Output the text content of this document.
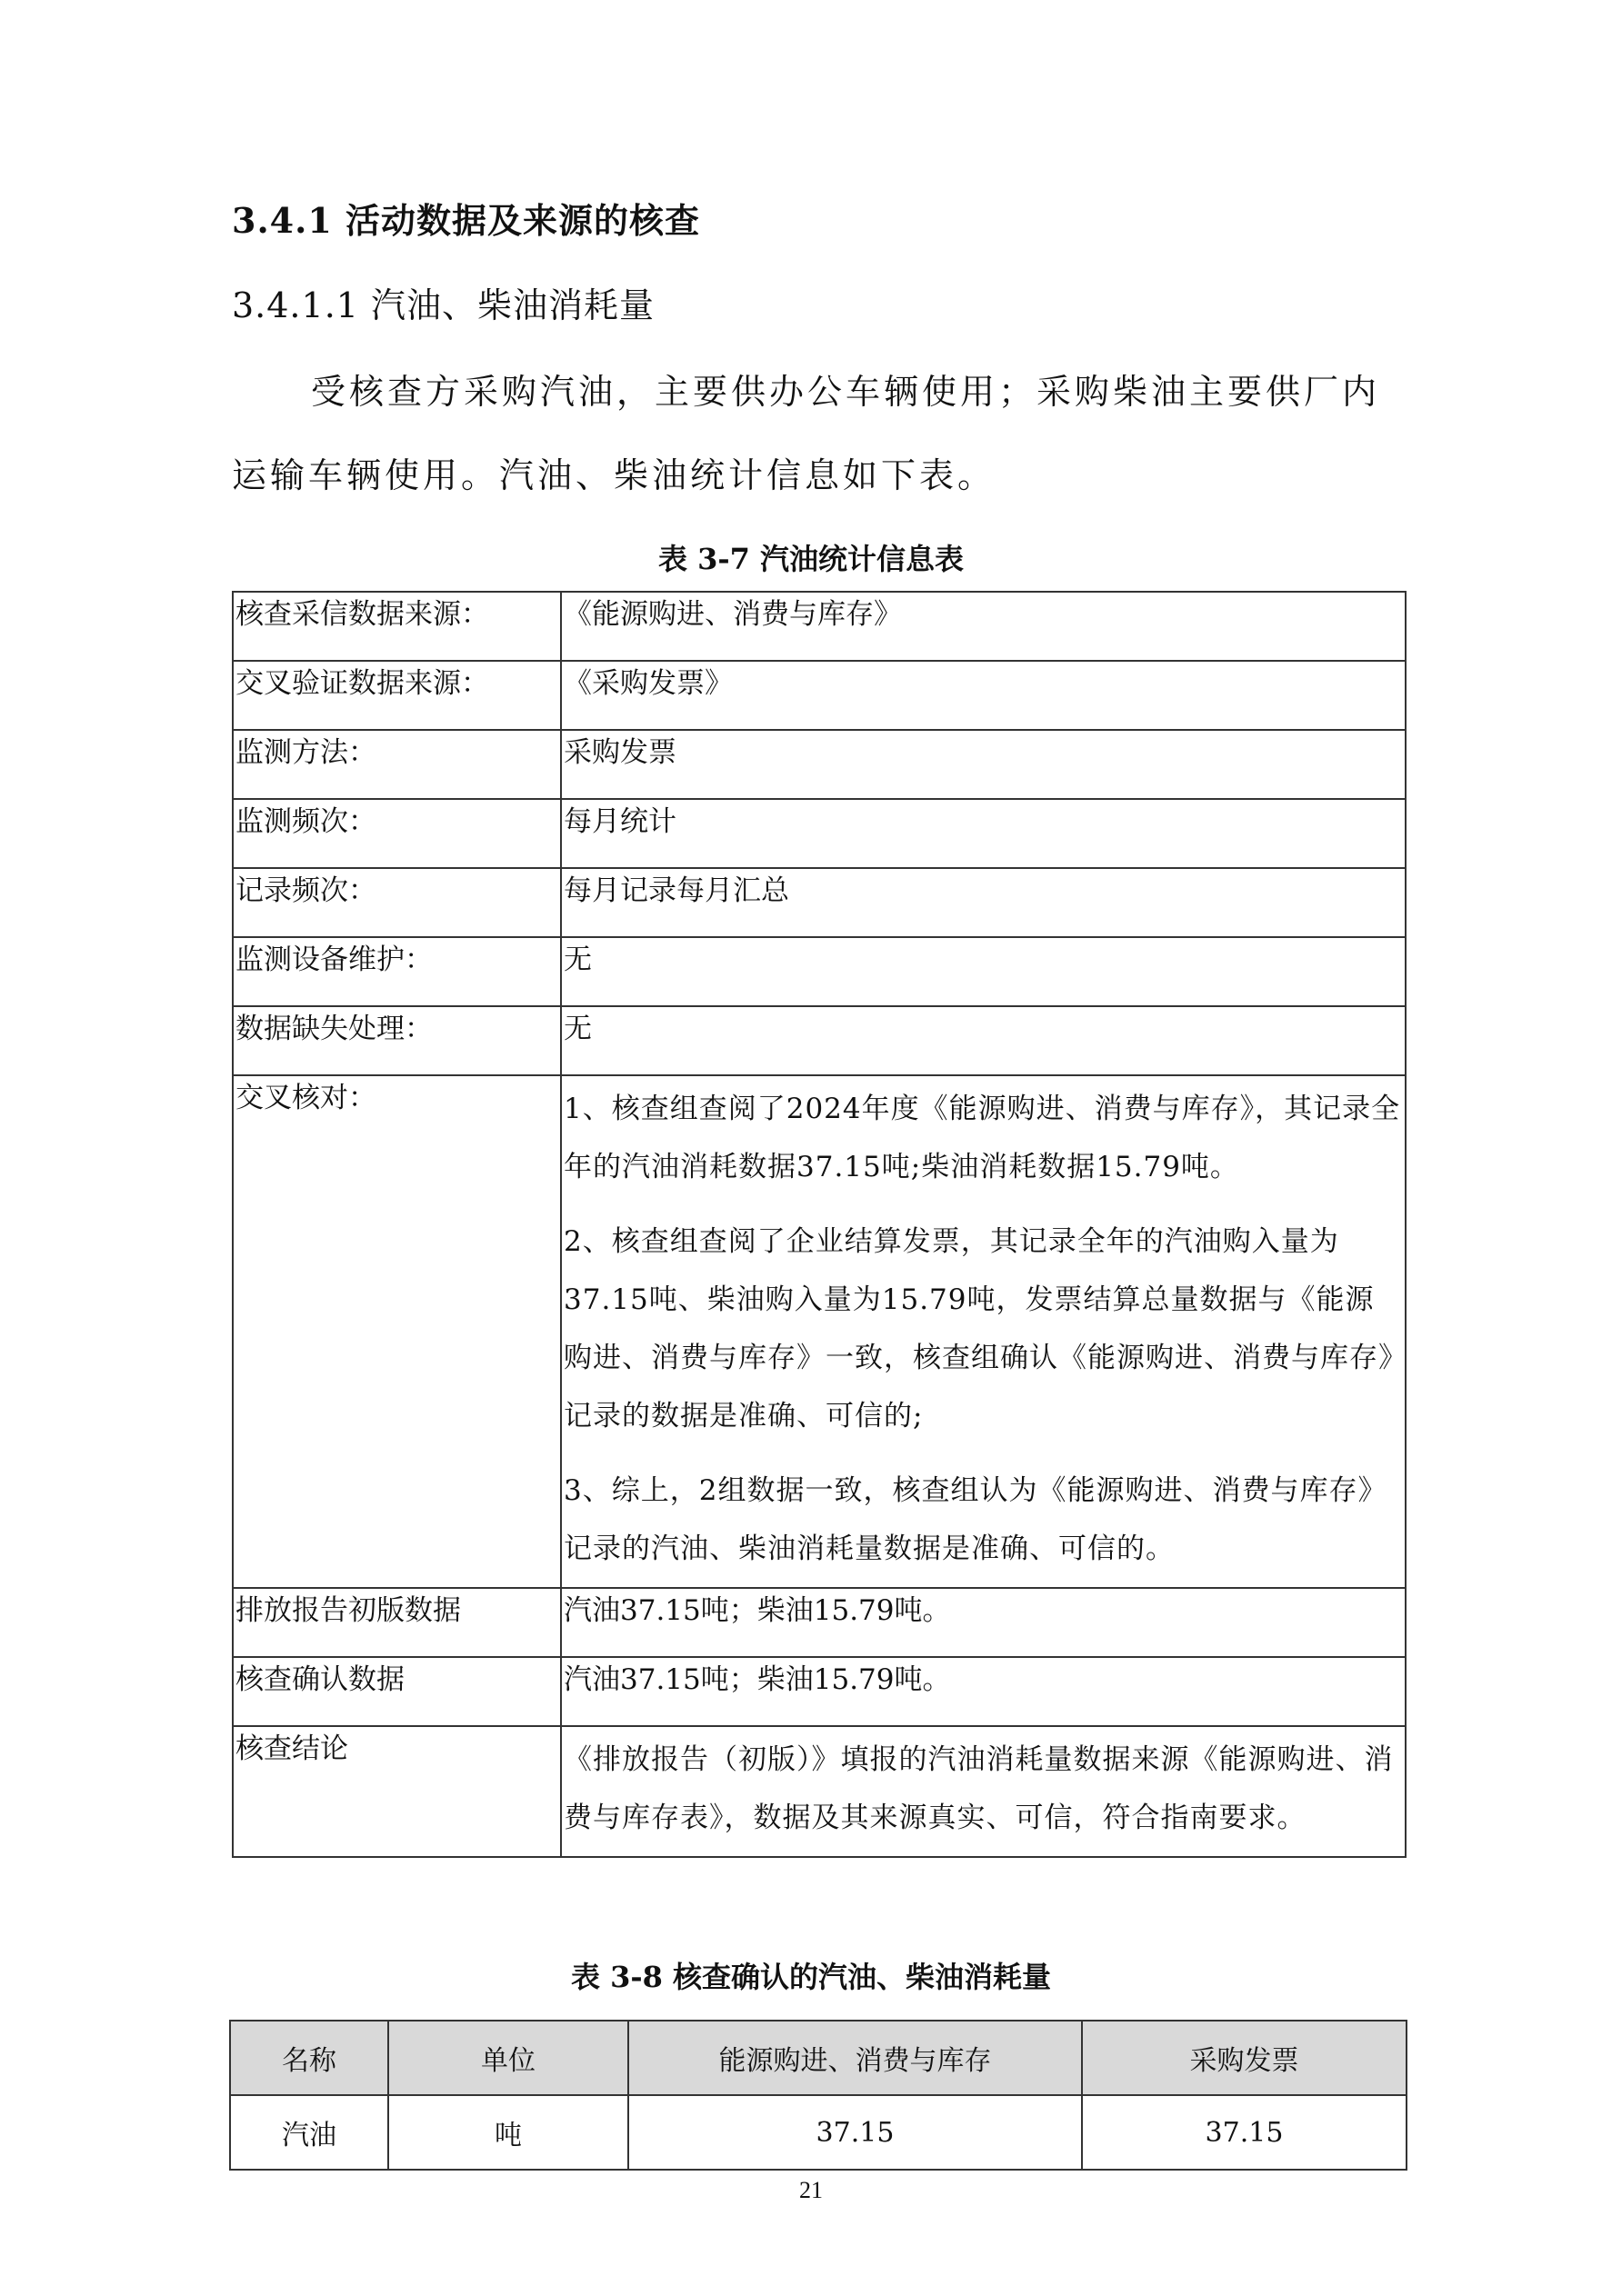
3.4.1 活动数据及来源的核查
3.4.1.1 汽油、柴油消耗量
受核查方采购汽油，主要供办公车辆使用；采购柴油主要供厂内运输车辆使用。汽油、柴油统计信息如下表。
表 3-7 汽油统计信息表
核查采信数据来源：	《能源购进、消费与库存》
交叉验证数据来源：	《采购发票》
监测方法：	采购发票
监测频次：	每月统计
记录频次：	每月记录每月汇总
监测设备维护：	无
数据缺失处理：	无
交叉核对：	1、核查组查阅了2024年度《能源购进、消费与库存》，其记录全年的汽油消耗数据37.15吨;柴油消耗数据15.79吨。

2、核查组查阅了企业结算发票，其记录全年的汽油购入量为37.15吨、柴油购入量为15.79吨，发票结算总量数据与《能源购进、消费与库存》一致，核查组确认《能源购进、消费与库存》记录的数据是准确、可信的;

3、综上，2组数据一致，核查组认为《能源购进、消费与库存》记录的汽油、柴油消耗量数据是准确、可信的。

排放报告初版数据	汽油37.15吨；柴油15.79吨。
核查确认数据	汽油37.15吨；柴油15.79吨。
核查结论	《排放报告（初版）》填报的汽油消耗量数据来源《能源购进、消费与库存表》，数据及其来源真实、可信，符合指南要求。
表 3-8 核查确认的汽油、柴油消耗量
名称	单位	能源购进、消费与库存	采购发票
汽油	吨	37.15	37.15
21
